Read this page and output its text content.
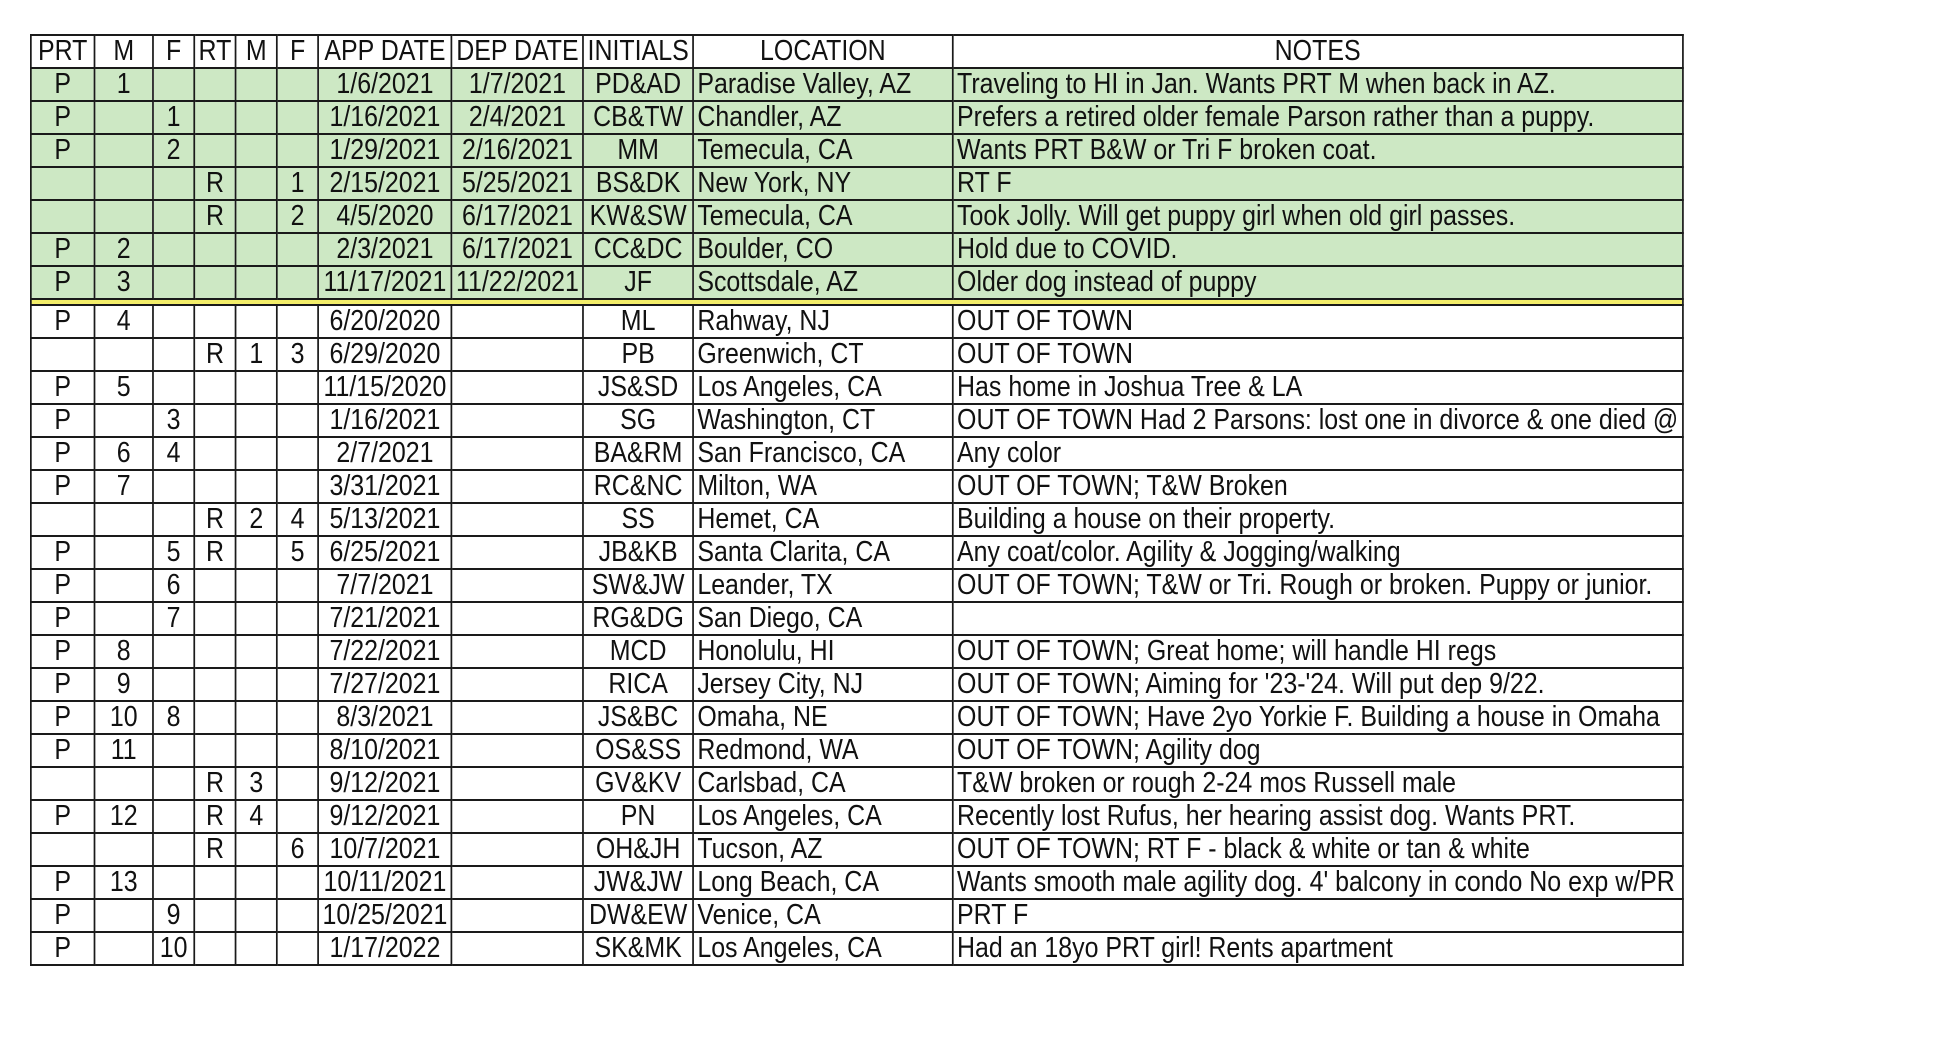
PRT	M	F	RT	M	F	APP DATE	DEP DATE	INITIALS	LOCATION	NOTES
P	1					1/6/2021	1/7/2021	PD&AD	Paradise Valley, AZ	Traveling to HI in Jan. Wants PRT M when back in AZ.
P		1				1/16/2021	2/4/2021	CB&TW	Chandler, AZ	Prefers a retired older female Parson rather than a puppy.
P		2				1/29/2021	2/16/2021	MM	Temecula, CA	Wants PRT B&W or Tri F broken coat.
			R		1	2/15/2021	5/25/2021	BS&DK	New York, NY	RT F
			R		2	4/5/2020	6/17/2021	KW&SW	Temecula, CA	Took Jolly. Will get puppy girl when old girl passes.
P	2					2/3/2021	6/17/2021	CC&DC	Boulder, CO	Hold due to COVID.
P	3					11/17/2021	11/22/2021	JF	Scottsdale, AZ	Older dog instead of puppy

P	4					6/20/2020		ML	Rahway, NJ	OUT OF TOWN
			R	1	3	6/29/2020		PB	Greenwich, CT	OUT OF TOWN
P	5					11/15/2020		JS&SD	Los Angeles, CA	Has home in Joshua Tree & LA
P		3				1/16/2021		SG	Washington, CT	OUT OF TOWN Had 2 Parsons: lost one in divorce & one died @
P	6	4				2/7/2021		BA&RM	San Francisco, CA	Any color
P	7					3/31/2021		RC&NC	Milton, WA	OUT OF TOWN; T&W Broken
			R	2	4	5/13/2021		SS	Hemet, CA	Building a house on their property.
P		5	R		5	6/25/2021		JB&KB	Santa Clarita, CA	Any coat/color. Agility & Jogging/walking
P		6				7/7/2021		SW&JW	Leander, TX	OUT OF TOWN; T&W or Tri. Rough or broken. Puppy or junior.
P		7				7/21/2021		RG&DG	San Diego, CA	
P	8					7/22/2021		MCD	Honolulu, HI	OUT OF TOWN; Great home; will handle HI regs
P	9					7/27/2021		RICA	Jersey City, NJ	OUT OF TOWN; Aiming for '23-'24. Will put dep 9/22.
P	10	8				8/3/2021		JS&BC	Omaha, NE	OUT OF TOWN; Have 2yo Yorkie F. Building a house in Omaha
P	11					8/10/2021		OS&SS	Redmond, WA	OUT OF TOWN; Agility dog
			R	3		9/12/2021		GV&KV	Carlsbad, CA	T&W broken or rough 2-24 mos Russell male
P	12		R	4		9/12/2021		PN	Los Angeles, CA	Recently lost Rufus, her hearing assist dog. Wants PRT.
			R		6	10/7/2021		OH&JH	Tucson, AZ	OUT OF TOWN; RT F - black & white or tan & white
P	13					10/11/2021		JW&JW	Long Beach, CA	Wants smooth male agility dog. 4' balcony in condo No exp w/PR
P		9				10/25/2021		DW&EW	Venice, CA	PRT F
P		10				1/17/2022		SK&MK	Los Angeles, CA	Had an 18yo PRT girl! Rents apartment
